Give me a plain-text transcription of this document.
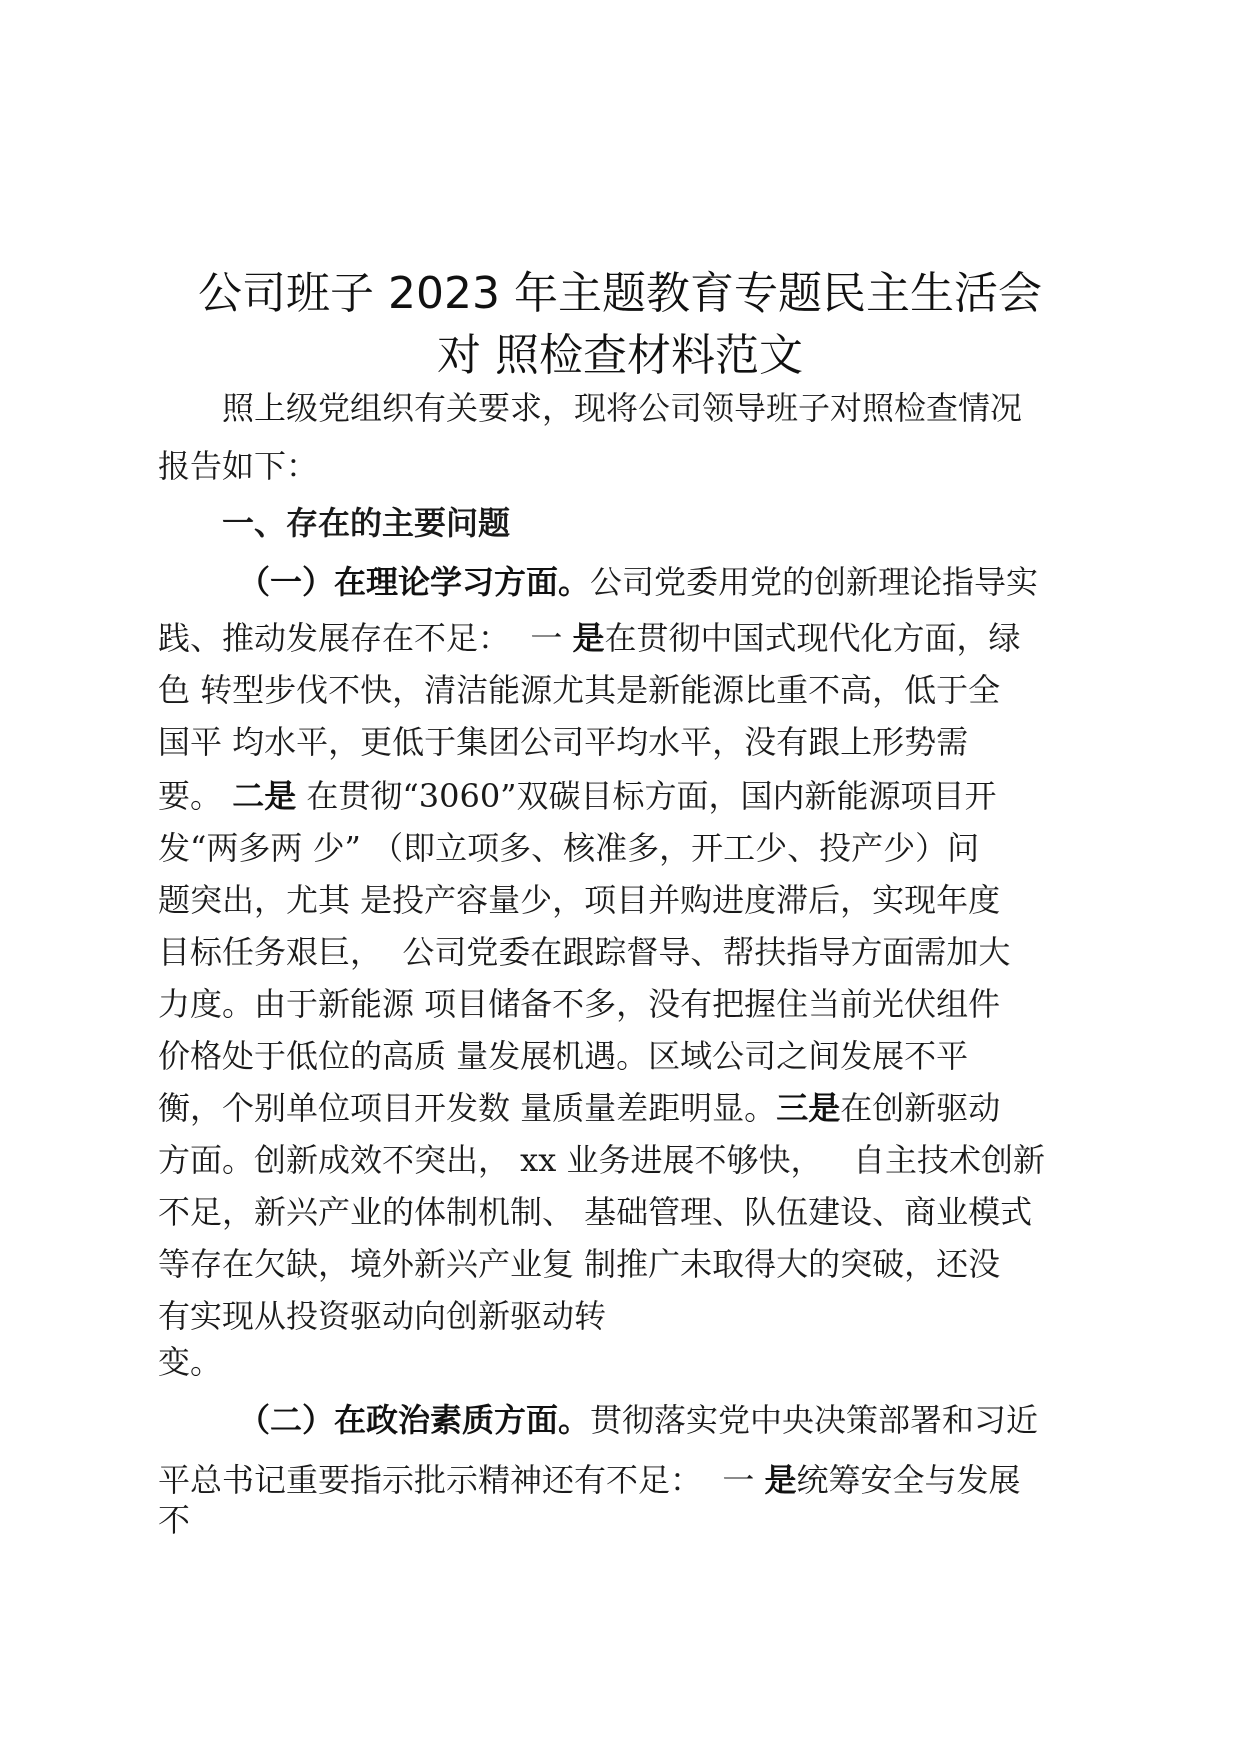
公司班子 2023 年主题教育专题民主生活会
对 照检查材料范文

照上级党组织有关要求，现将公司领导班子对照检查情况

报告如下：

一、存在的主要问题

（一）在理论学习方面。公司党委用党的创新理论指导实

践、推动发展存在不足：  一 是在贯彻中国式现代化方面，绿

色 转型步伐不快，清洁能源尤其是新能源比重不高，低于全

国平 均水平，更低于集团公司平均水平，没有跟上形势需

要。 二是 在贯彻“3060”双碳目标方面，国内新能源项目开

发“两多两 少” （即立项多、核准多，开工少、投产少）问

题突出，尤其 是投产容量少，项目并购进度滞后，实现年度

目标任务艰巨，  公司党委在跟踪督导、帮扶指导方面需加大

力度。由于新能源 项目储备不多，没有把握住当前光伏组件

价格处于低位的高质 量发展机遇。区域公司之间发展不平

衡，个别单位项目开发数 量质量差距明显。三是在创新驱动

方面。创新成效不突出， xx 业务进展不够快，   自主技术创新

不足，新兴产业的体制机制、 基础管理、队伍建设、商业模式

等存在欠缺，境外新兴产业复 制推广未取得大的突破，还没

有实现从投资驱动向创新驱动转

变。

（二）在政治素质方面。贯彻落实党中央决策部署和习近

平总书记重要指示批示精神还有不足：  一 是统筹安全与发展

不
